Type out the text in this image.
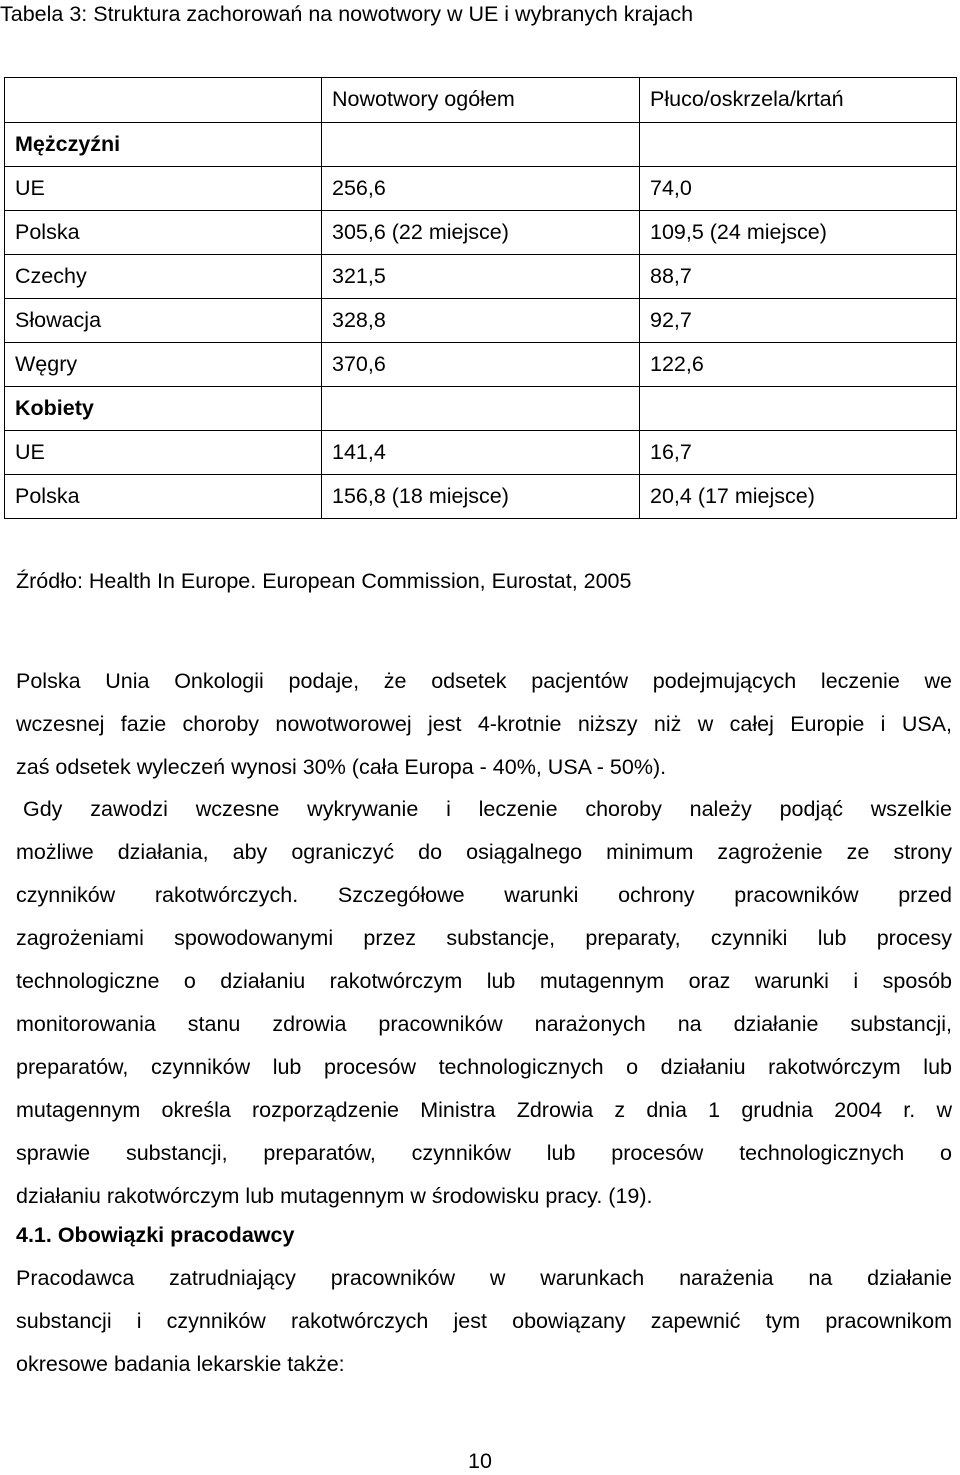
Tabela 3: Struktura zachorowań na nowotwory w UE i wybranych krajach
	Nowotwory ogółem	Płuco/oskrzela/krtań
Mężczyźni		
UE	256,6	74,0
Polska	305,6 (22 miejsce)	109,5 (24 miejsce)
Czechy	321,5	88,7
Słowacja	328,8	92,7
Węgry	370,6	122,6
Kobiety		
UE	141,4	16,7
Polska	156,8 (18 miejsce)	20,4 (17 miejsce)
Źródło: Health In Europe. European Commission, Eurostat, 2005
Polska Unia Onkologii podaje, że odsetek pacjentów podejmujących leczenie we
wczesnej fazie choroby nowotworowej jest 4-krotnie niższy niż w całej Europie i USA,
zaś odsetek wyleczeń wynosi 30% (cała Europa - 40%, USA - 50%).
Gdy zawodzi wczesne wykrywanie i leczenie choroby należy podjąć wszelkie
możliwe działania, aby ograniczyć do osiągalnego minimum zagrożenie ze strony
czynników rakotwórczych. Szczegółowe warunki ochrony pracowników przed
zagrożeniami spowodowanymi przez substancje, preparaty, czynniki lub procesy
technologiczne o działaniu rakotwórczym lub mutagennym oraz warunki i sposób
monitorowania stanu zdrowia pracowników narażonych na działanie substancji,
preparatów, czynników lub procesów technologicznych o działaniu rakotwórczym lub
mutagennym określa rozporządzenie Ministra Zdrowia z dnia 1 grudnia 2004 r. w
sprawie substancji, preparatów, czynników lub procesów technologicznych o
działaniu rakotwórczym lub mutagennym w środowisku pracy. (19).
4.1. Obowiązki pracodawcy
Pracodawca zatrudniający pracowników w warunkach narażenia na działanie
substancji i czynników rakotwórczych jest obowiązany zapewnić tym pracownikom
okresowe badania lekarskie także:
10
